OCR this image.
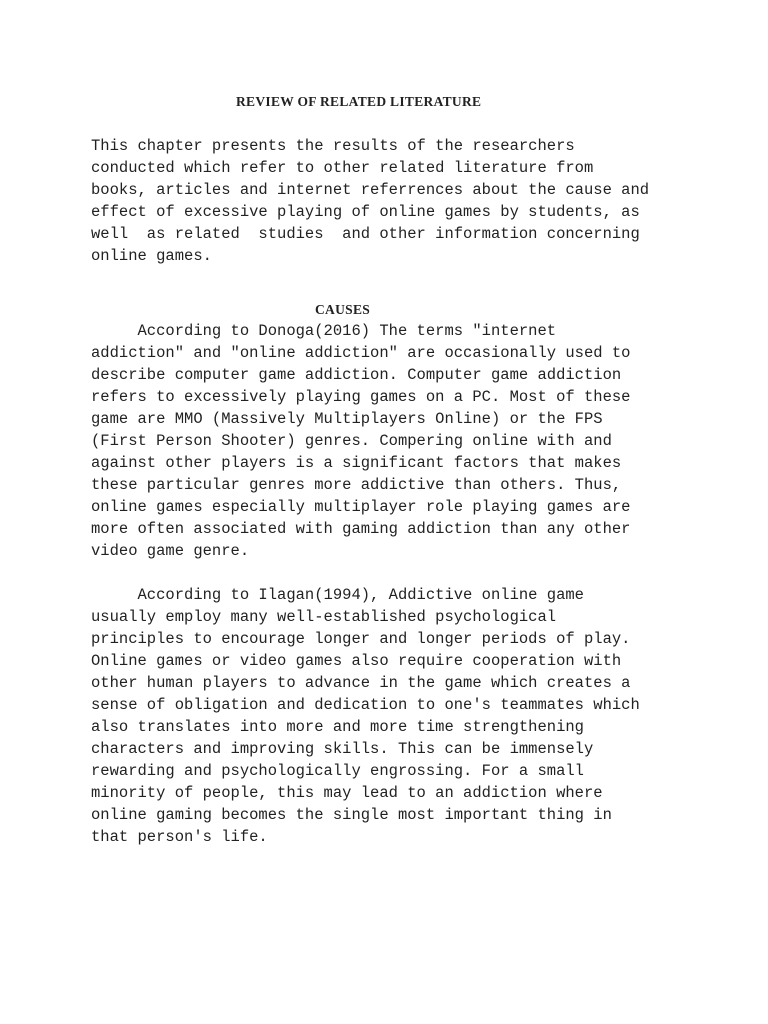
REVIEW OF RELATED LITERATURE
This chapter presents the results of the researchers
conducted which refer to other related literature from
books, articles and internet referrences about the cause and
effect of excessive playing of online games by students, as
well  as related  studies  and other information concerning
online games.
CAUSES
According to Donoga(2016) The terms "internet
addiction" and "online addiction" are occasionally used to
describe computer game addiction. Computer game addiction
refers to excessively playing games on a PC. Most of these
game are MMO (Massively Multiplayers Online) or the FPS
(First Person Shooter) genres. Compering online with and
against other players is a significant factors that makes
these particular genres more addictive than others. Thus,
online games especially multiplayer role playing games are
more often associated with gaming addiction than any other
video game genre.
According to Ilagan(1994), Addictive online game
usually employ many well-established psychological
principles to encourage longer and longer periods of play.
Online games or video games also require cooperation with
other human players to advance in the game which creates a
sense of obligation and dedication to one's teammates which
also translates into more and more time strengthening
characters and improving skills. This can be immensely
rewarding and psychologically engrossing. For a small
minority of people, this may lead to an addiction where
online gaming becomes the single most important thing in
that person's life.
